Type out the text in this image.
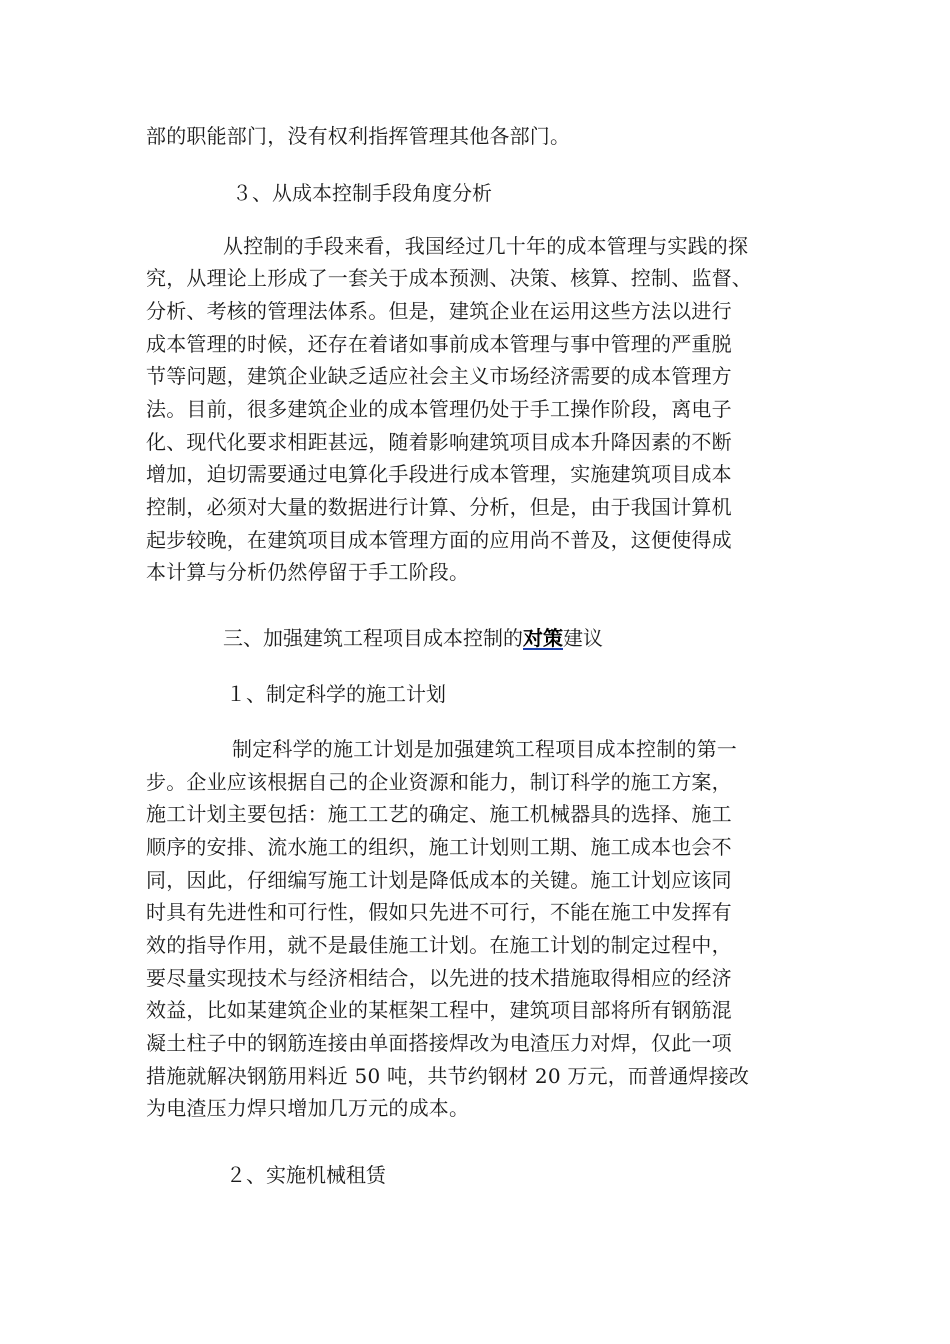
部的职能部门，没有权利指挥管理其他各部门。
３、从成本控制手段角度分析
从控制的手段来看，我国经过几十年的成本管理与实践的探
究，从理论上形成了一套关于成本预测、决策、核算、控制、监督、
分析、考核的管理法体系。但是，建筑企业在运用这些方法以进行
成本管理的时候，还存在着诸如事前成本管理与事中管理的严重脱
节等问题，建筑企业缺乏适应社会主义市场经济需要的成本管理方
法。目前，很多建筑企业的成本管理仍处于手工操作阶段，离电子
化、现代化要求相距甚远，随着影响建筑项目成本升降因素的不断
增加，迫切需要通过电算化手段进行成本管理，实施建筑项目成本
控制，必须对大量的数据进行计算、分析，但是，由于我国计算机
起步较晚，在建筑项目成本管理方面的应用尚不普及，这便使得成
本计算与分析仍然停留于手工阶段。
三、加强建筑工程项目成本控制的对策建议
１、制定科学的施工计划
制定科学的施工计划是加强建筑工程项目成本控制的第一
步。企业应该根据自己的企业资源和能力，制订科学的施工方案，
施工计划主要包括：施工工艺的确定、施工机械器具的选择、施工
顺序的安排、流水施工的组织，施工计划则工期、施工成本也会不
同，因此，仔细编写施工计划是降低成本的关键。施工计划应该同
时具有先进性和可行性，假如只先进不可行，不能在施工中发挥有
效的指导作用，就不是最佳施工计划。在施工计划的制定过程中，
要尽量实现技术与经济相结合，以先进的技术措施取得相应的经济
效益，比如某建筑企业的某框架工程中，建筑项目部将所有钢筋混
凝土柱子中的钢筋连接由单面搭接焊改为电渣压力对焊，仅此一项
措施就解决钢筋用料近 50 吨，共节约钢材 20 万元，而普通焊接改
为电渣压力焊只增加几万元的成本。
２、实施机械租赁
